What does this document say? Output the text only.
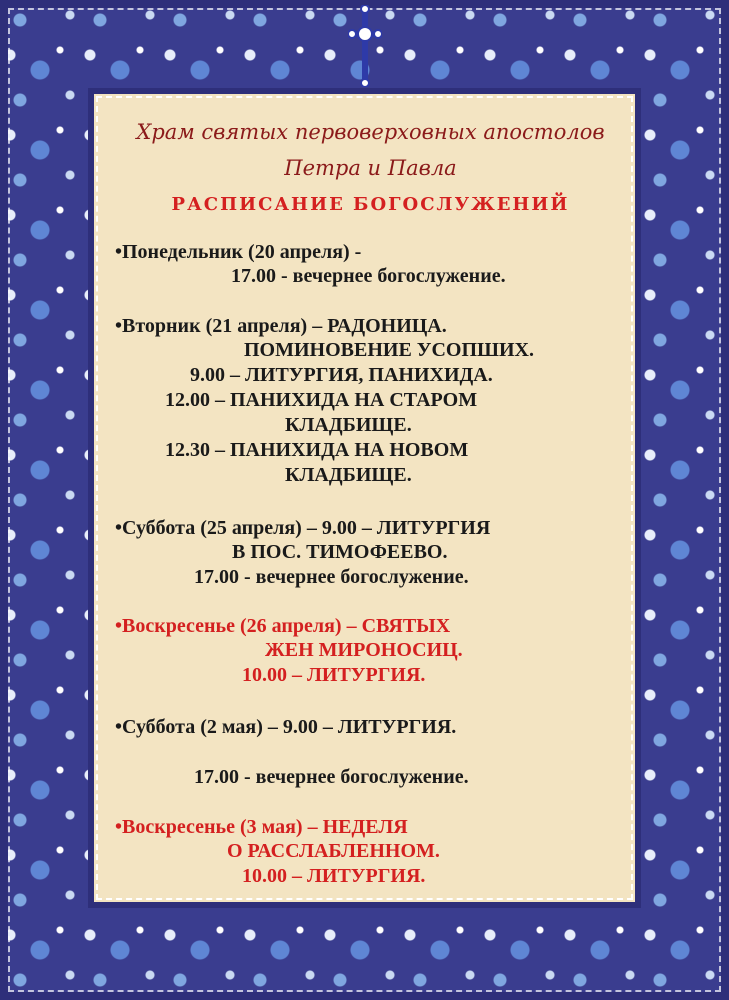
Храм святых первоверховных апостолов
Петра и Павла
РАСПИСАНИЕ БОГОСЛУЖЕНИЙ
•Понедельник (20 апреля) -
17.00 - вечернее богослужение.
•Вторник (21 апреля) – РАДОНИЦА.
ПОМИНОВЕНИЕ УСОПШИХ.
9.00 – ЛИТУРГИЯ, ПАНИХИДА.
12.00 – ПАНИХИДА НА СТАРОМ
КЛАДБИЩЕ.
12.30 – ПАНИХИДА НА НОВОМ
КЛАДБИЩЕ.
•Суббота (25 апреля) – 9.00 – ЛИТУРГИЯ
В ПОС. ТИМОФЕЕВО.
17.00 - вечернее богослужение.
•Воскресенье (26 апреля) – СВЯТЫХ
ЖЕН МИРОНОСИЦ.
10.00 – ЛИТУРГИЯ.
•Суббота (2 мая) – 9.00 – ЛИТУРГИЯ.
17.00 - вечернее богослужение.
•Воскресенье (3 мая) – НЕДЕЛЯ
О РАССЛАБЛЕННОМ.
10.00 – ЛИТУРГИЯ.
